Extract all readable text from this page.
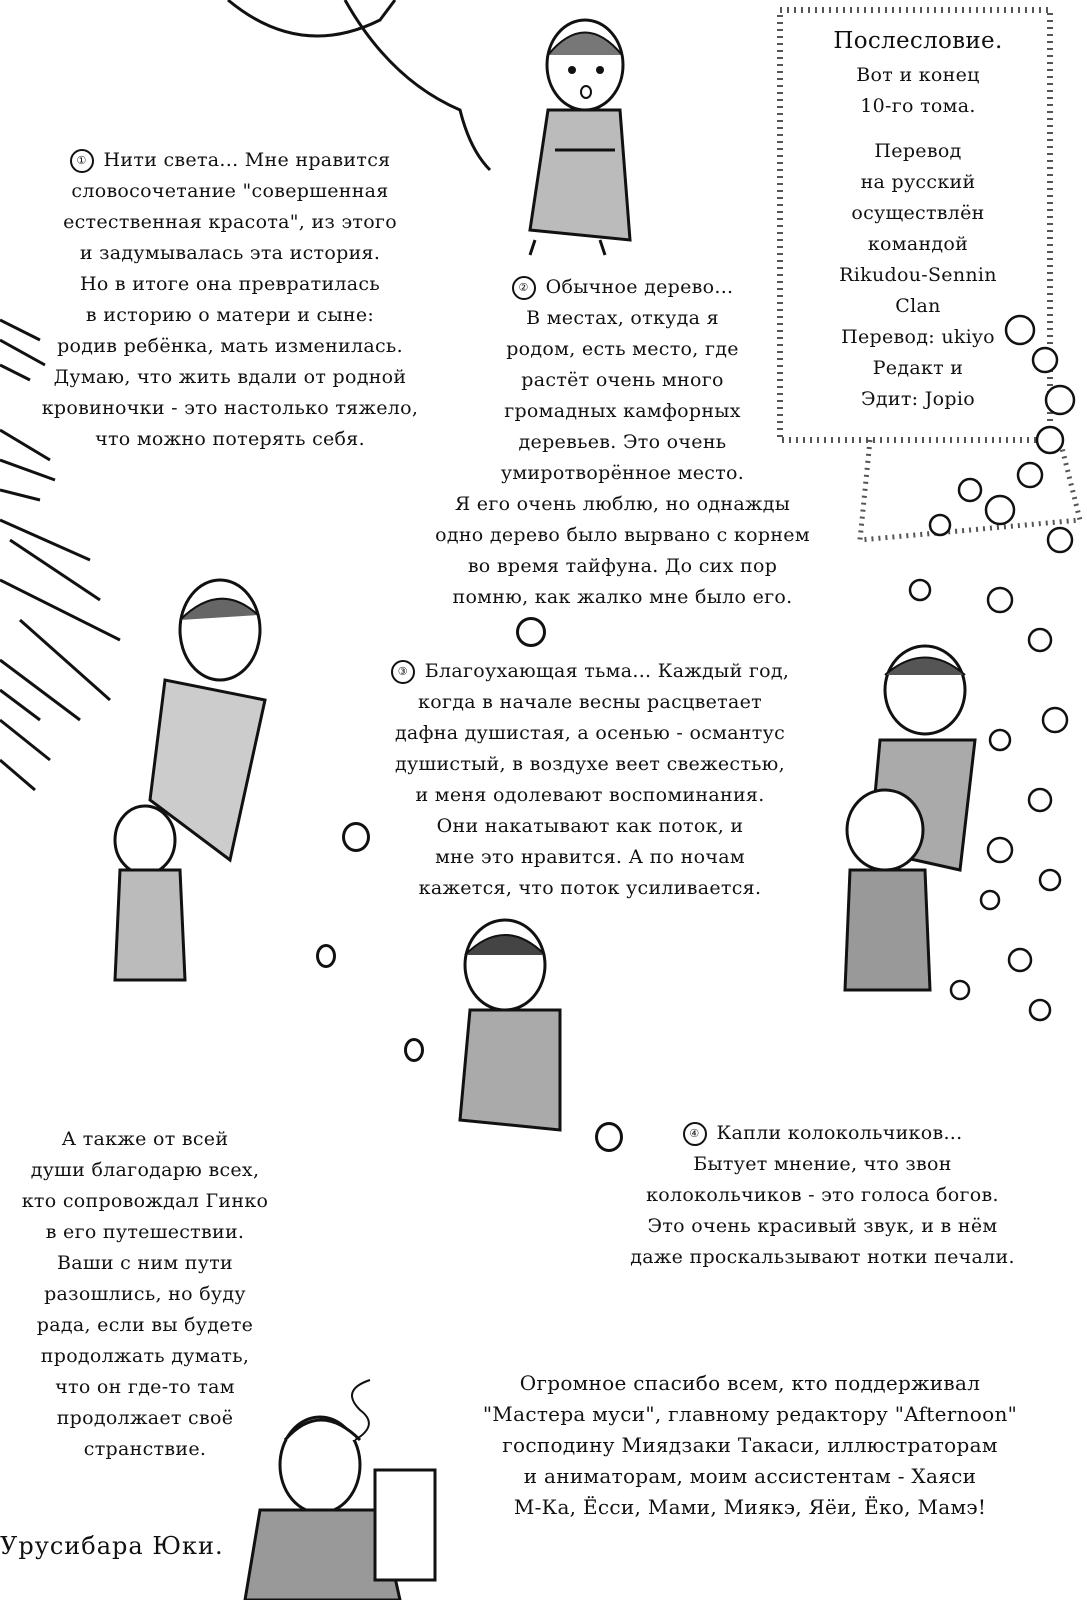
Послесловие.
Вот и конец
10-го тома.
Перевод
на русский
осуществлён
командой
Rikudou-Sennin
Clan
Перевод: ukiyo
Редакт и
Эдит: Jopio
① Нити света... Мне нравится
словосочетание "совершенная
естественная красота", из этого
и задумывалась эта история.
Но в итоге она превратилась
в историю о матери и сыне:
родив ребёнка, мать изменилась.
Думаю, что жить вдали от родной
кровиночки - это настолько тяжело,
что можно потерять себя.
② Обычное дерево...
В местах, откуда я
родом, есть место, где
растёт очень много
громадных камфорных
деревьев. Это очень
умиротворённое место.
Я его очень люблю, но однажды
одно дерево было вырвано с корнем
во время тайфуна. До сих пор
помню, как жалко мне было его.
③ Благоухающая тьма... Каждый год,
когда в начале весны расцветает
дафна душистая, а осенью - османтус
душистый, в воздухе веет свежестью,
и меня одолевают воспоминания.
Они накатывают как поток, и
мне это нравится. А по ночам
кажется, что поток усиливается.
④ Капли колокольчиков...
Бытует мнение, что звон
колокольчиков - это голоса богов.
Это очень красивый звук, и в нём
даже проскальзывают нотки печали.
А также от всей
души благодарю всех,
кто сопровождал Гинко
в его путешествии.
Ваши с ним пути
разошлись, но буду
рада, если вы будете
продолжать думать,
что он где-то там
продолжает своё
странствие.
Огромное спасибо всем, кто поддерживал
"Мастера муси", главному редактору "Afternoon"
господину Миядзаки Такаси, иллюстраторам
и аниматорам, моим ассистентам - Хаяси
М-Ка, Ёсси, Мами, Миякэ, Яёи, Ёко, Мамэ!
Урусибара Юки.
